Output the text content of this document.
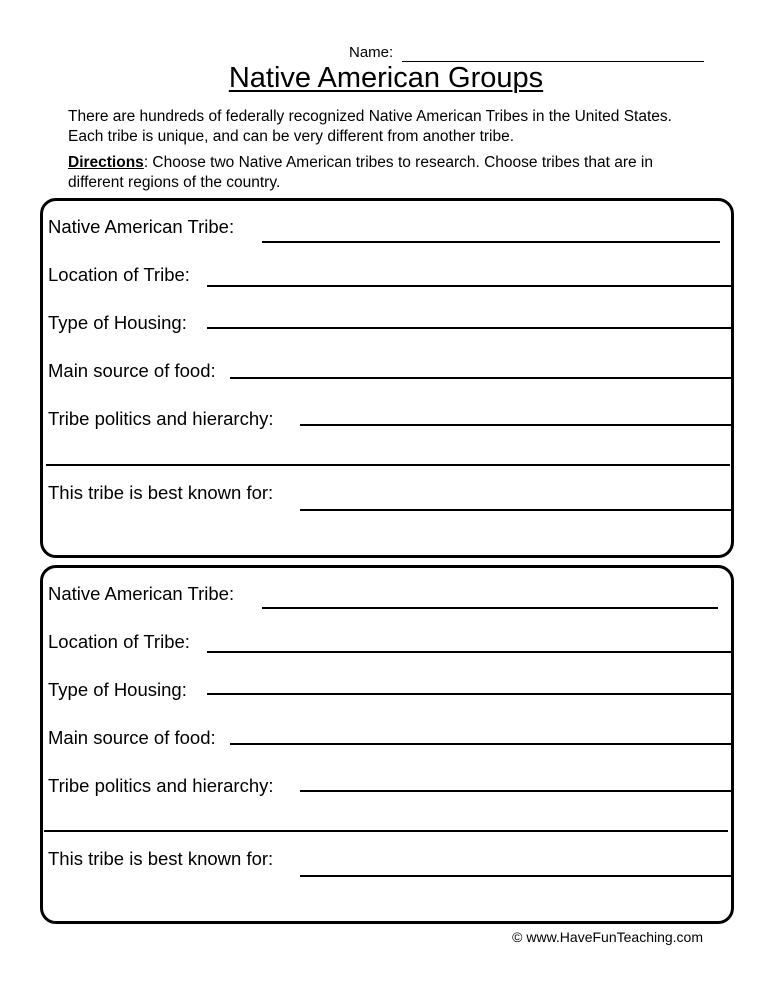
Name:
Native American Groups
There are hundreds of federally recognized Native American Tribes in the United States. Each tribe is unique, and can be very different from another tribe.
Directions: Choose two Native American tribes to research. Choose tribes that are in different regions of the country.
Native American Tribe:
Location of Tribe:
Type of Housing:
Main source of food:
Tribe politics and hierarchy:
This tribe is best known for:
Native American Tribe:
Location of Tribe:
Type of Housing:
Main source of food:
Tribe politics and hierarchy:
This tribe is best known for:
© www.HaveFunTeaching.com
